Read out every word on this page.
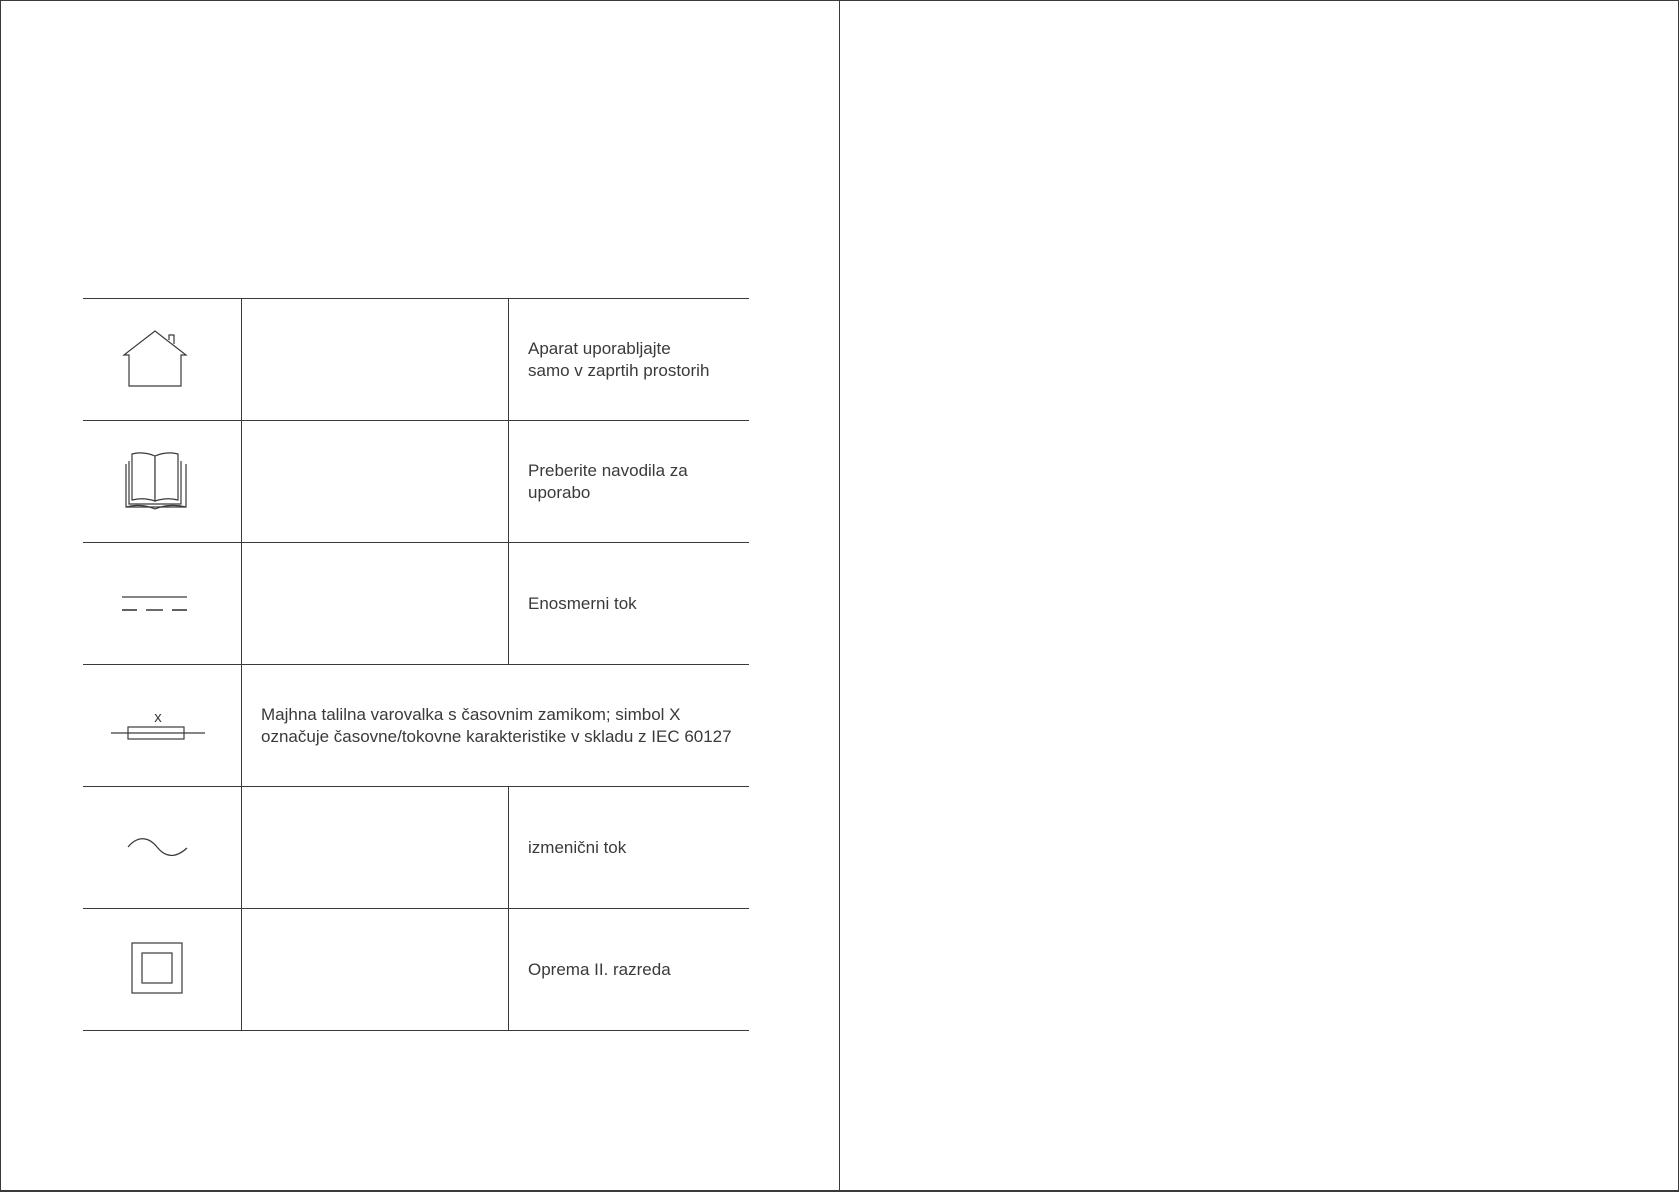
Aparat uporabljajte
samo v zaprtih prostorih
Preberite navodila za
uporabo
Enosmerni tok
x	Majhna talilna varovalka s časovnim zamikom; simbol X
označuje časovne/tokovne karakteristike v skladu z IEC 60127
izmenični tok
Oprema II. razreda
